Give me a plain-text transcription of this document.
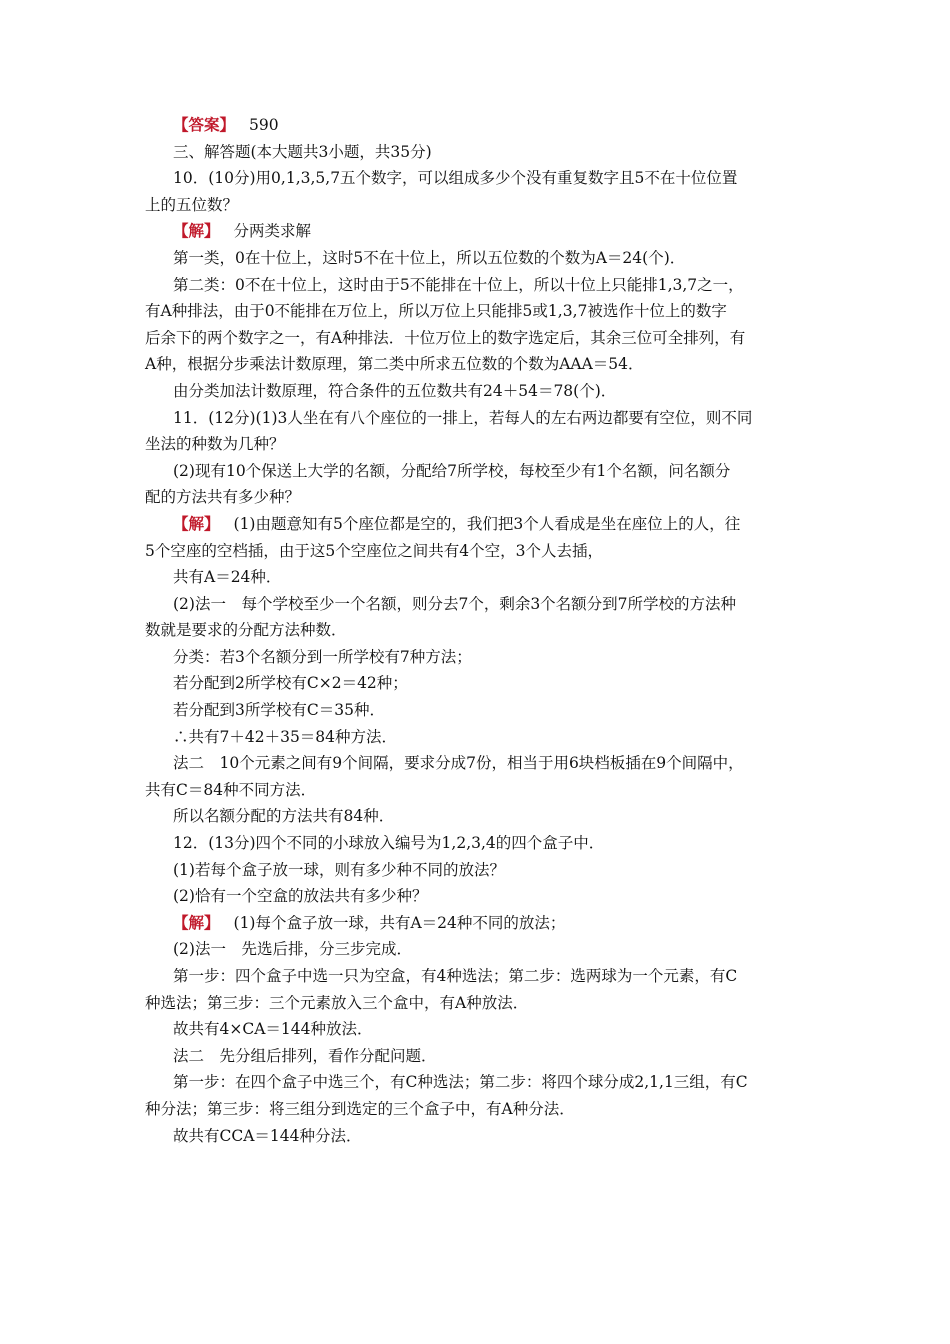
【答案】 590
三、解答题(本大题共3小题，共35分)
10．(10分)用0,1,3,5,7五个数字，可以组成多少个没有重复数字且5不在十位位置
上的五位数？
【解】 分两类求解
第一类，0在十位上，这时5不在十位上，所以五位数的个数为A＝24(个)．
第二类：0不在十位上，这时由于5不能排在十位上，所以十位上只能排1,3,7之一，
有A种排法，由于0不能排在万位上，所以万位上只能排5或1,3,7被选作十位上的数字
后余下的两个数字之一，有A种排法．十位万位上的数字选定后，其余三位可全排列，有
A种，根据分步乘法计数原理，第二类中所求五位数的个数为AAA＝54．
由分类加法计数原理，符合条件的五位数共有24＋54＝78(个)．
11．(12分)(1)3人坐在有八个座位的一排上，若每人的左右两边都要有空位，则不同
坐法的种数为几种？
(2)现有10个保送上大学的名额，分配给7所学校，每校至少有1个名额，问名额分
配的方法共有多少种？
【解】 (1)由题意知有5个座位都是空的，我们把3个人看成是坐在座位上的人，往
5个空座的空档插，由于这5个空座位之间共有4个空，3个人去插，
共有A＝24种．
(2)法一　每个学校至少一个名额，则分去7个，剩余3个名额分到7所学校的方法种
数就是要求的分配方法种数．
分类：若3个名额分到一所学校有7种方法；
若分配到2所学校有C×2＝42种；
若分配到3所学校有C＝35种．
∴共有7＋42＋35＝84种方法．
法二　10个元素之间有9个间隔，要求分成7份，相当于用6块档板插在9个间隔中，
共有C＝84种不同方法．
所以名额分配的方法共有84种．
12．(13分)四个不同的小球放入编号为1,2,3,4的四个盒子中．
(1)若每个盒子放一球，则有多少种不同的放法？
(2)恰有一个空盒的放法共有多少种？
【解】 (1)每个盒子放一球，共有A＝24种不同的放法；
(2)法一　先选后排，分三步完成．
第一步：四个盒子中选一只为空盒，有4种选法；第二步：选两球为一个元素，有C
种选法；第三步：三个元素放入三个盒中，有A种放法．
故共有4×CA＝144种放法．
法二　先分组后排列，看作分配问题．
第一步：在四个盒子中选三个，有C种选法；第二步：将四个球分成2,1,1三组，有C
种分法；第三步：将三组分到选定的三个盒子中，有A种分法．
故共有CCA＝144种分法．
